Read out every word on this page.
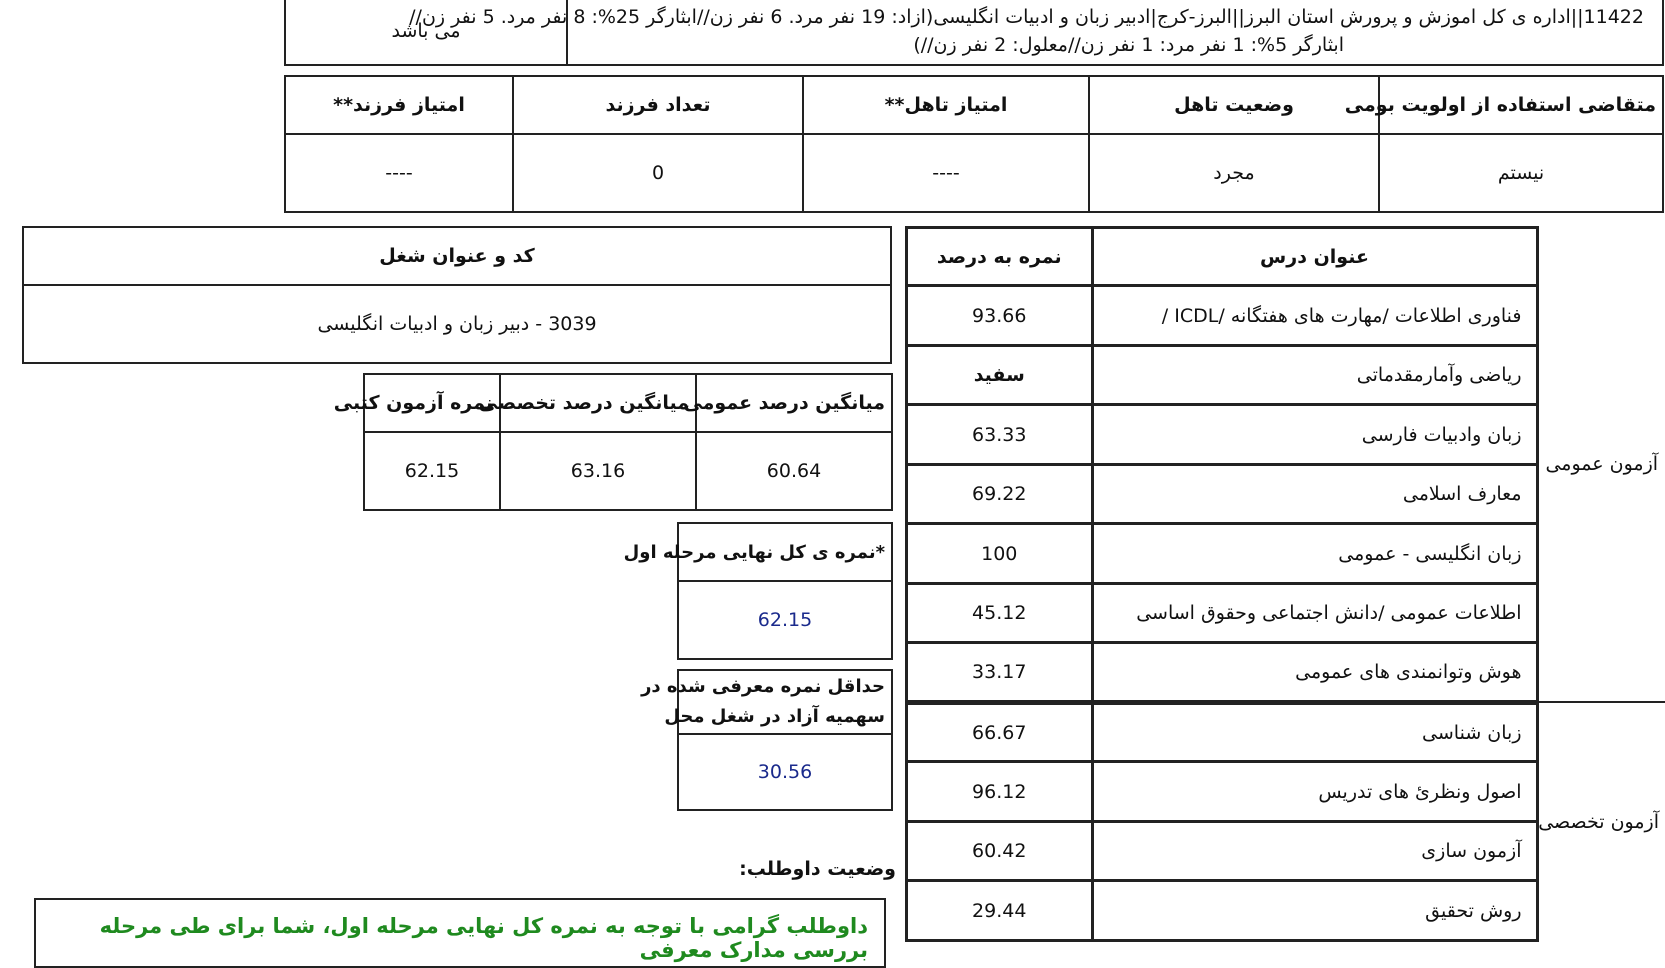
می باشد	
11422||اداره ی کل اموزش و پرورش استان البرز||البرز-کرج|ادبیر زبان و ادبیات انگلیسی(ازاد: 19 نفر مرد. 6 نفر زن//ابثارگر 25%: 8 نفر مرد. 5 نفر زن//
ابثارگر 5%: 1 نفر مرد: 1 نفر زن//معلول: 2 نفر زن//)
متقاضی استفاده از اولویت بومی	وضعیت تاهل	امتیاز تاهل**	تعداد فرزند	امتیاز فرزند**
نیستم	مجرد	----	0	----
کد و عنوان شغل
3039 - دبیر زبان و ادبیات انگلیسی
میانگین درصد عمومی	میانگین درصد تخصصی	نمره آزمون کتبی
60.64	63.16	62.15
*نمره ی کل نهایی مرحله اول
62.15
حداقل نمره معرفی شده در
سهمیه آزاد در شغل محل

30.56
وضعیت داوطلب:
داوطلب گرامی با توجه به نمره کل نهایی مرحله اول، شما برای طی مرحله بررسی مدارک معرفی
آزمون عمومی	عنوان درس	نمره به درصد
	فناوری اطلاعات /مهارت های هفتگانه /ICDL /	93.66
	ریاضی وآمارمقدماتی	سفید
	زبان وادبیات فارسی	63.33
	معارف اسلامی	69.22
	زبان انگلیسی - عمومی	100
	اطلاعات عمومی /دانش اجتماعی وحقوق اساسی	45.12
	هوش وتوانمندی های عمومی	33.17
آزمون تخصصی	زبان شناسی	66.67
	اصول ونظرئ های تدریس	96.12
	آزمون سازی	60.42
	روش تحقیق	29.44
